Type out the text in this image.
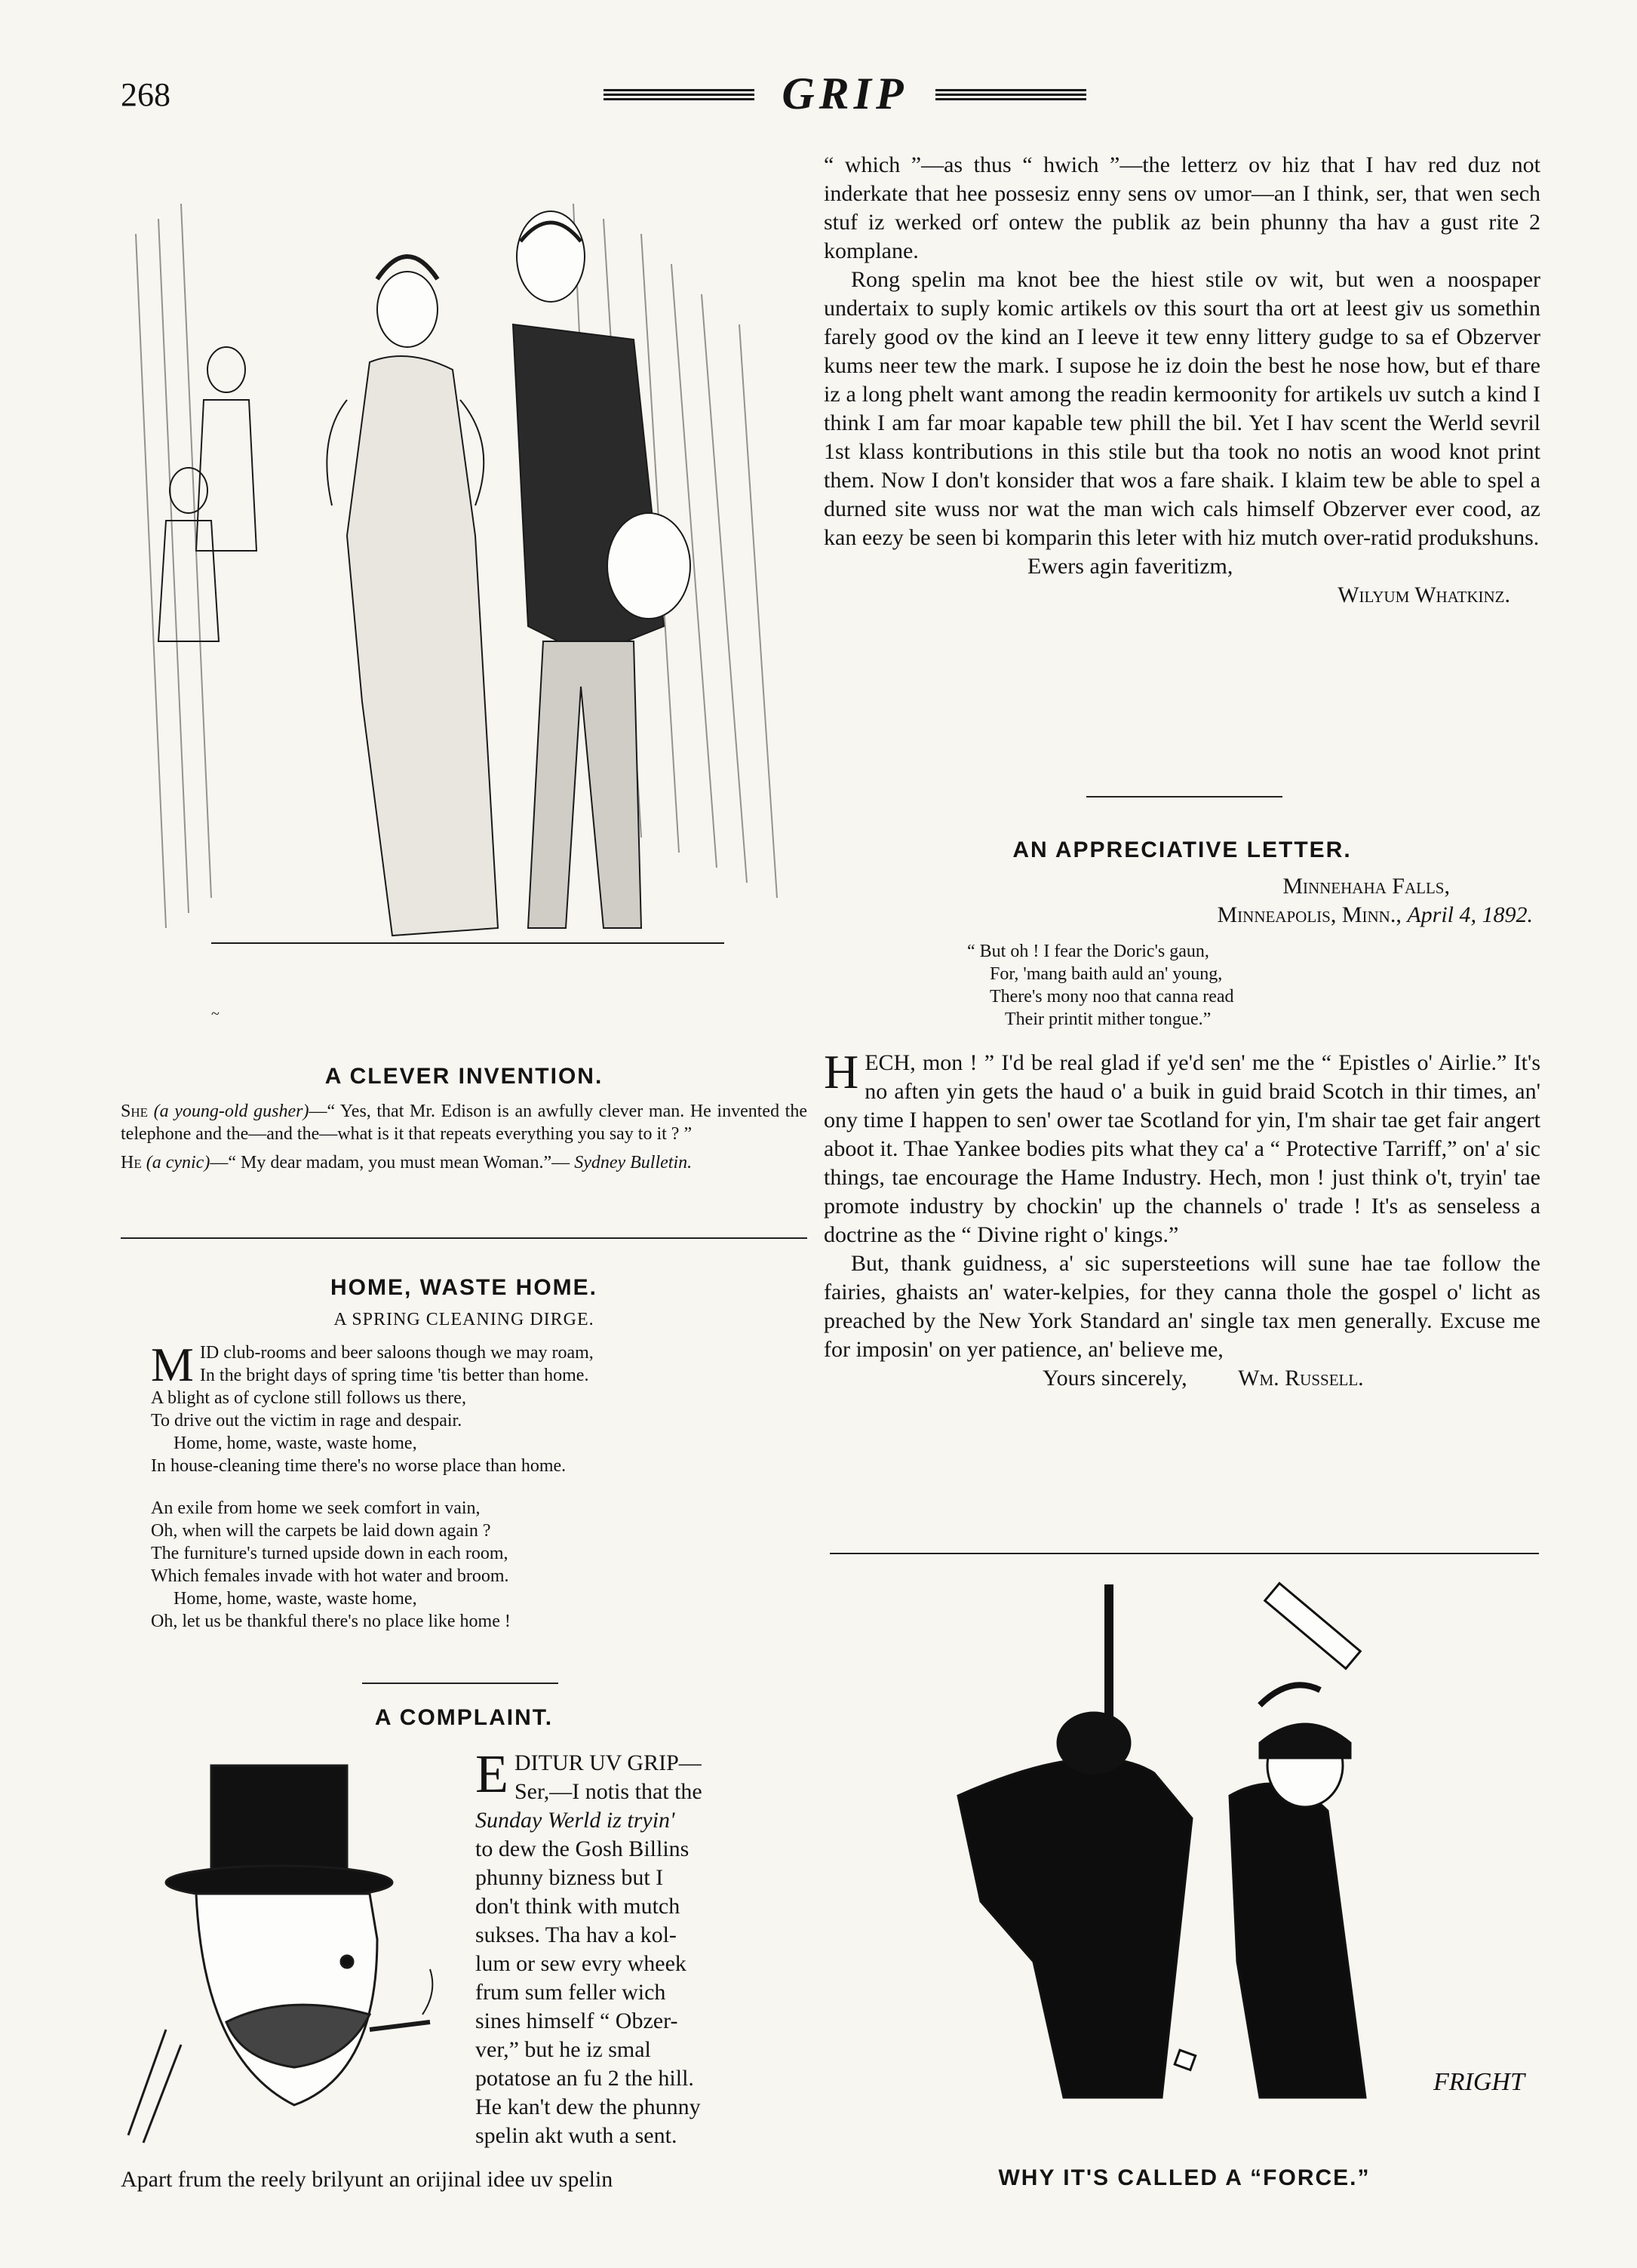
268	GRIP
~
A CLEVER INVENTION.

She (a young-old gusher)—“ Yes, that Mr. Edison is an awfully clever man. He invented the telephone and the—and the—what is it that repeats everything you say to it ? ”

He (a cynic)—“ My dear madam, you must mean Woman.”— Sydney Bulletin.

HOME, WASTE HOME.
A SPRING CLEANING DIRGE.
M ID club-rooms and beer saloons though we may roam,
In the bright days of spring time 'tis better than home.
A blight as of cyclone still follows us there,
To drive out the victim in rage and despair.
Home, home, waste, waste home,
In house-cleaning time there's no worse place than home.
An exile from home we seek comfort in vain,
Oh, when will the carpets be laid down again ?
The furniture's turned upside down in each room,
Which females invade with hot water and broom.
Home, home, waste, waste home,
Oh, let us be thankful there's no place like home !
A COMPLAINT.
E DITUR UV GRIP—
Ser,—I notis that the
Sunday Werld iz tryin'
to dew the Gosh Billins
phunny bizness but I
don't think with mutch
sukses. Tha hav a kol-
lum or sew evry wheek
frum sum feller wich
sines himself “ Obzer-
ver,” but he iz smal
potatose an fu 2 the hill.
He kan't dew the phunny
spelin akt wuth a sent.
Apart frum the reely brilyunt an orijinal idee uv spelin

“ which ”—as thus “ hwich ”—the letterz ov hiz that I hav red duz not inderkate that hee possesiz enny sens ov umor—an I think, ser, that wen sech stuf iz werked orf ontew the publik az bein phunny tha hav a gust rite 2 komplane.

Rong spelin ma knot bee the hiest stile ov wit, but wen a noospaper undertaix to suply komic artikels ov this sourt tha ort at leest giv us somethin farely good ov the kind an I leeve it tew enny littery gudge to sa ef Obzerver kums neer tew the mark. I supose he iz doin the best he nose how, but ef thare iz a long phelt want among the readin kermoonity for artikels uv sutch a kind I think I am far moar kapable tew phill the bil. Yet I hav scent the Werld sevril 1st klass kontributions in this stile but tha took no notis an wood knot print them. Now I don't konsider that wos a fare shaik. I klaim tew be able to spel a durned site wuss nor wat the man wich cals himself Obzerver ever cood, az kan eezy be seen bi komparin this leter with hiz mutch over-ratid produkshuns.

Ewers agin faveritizm,
Wilyum Whatkinz.
AN APPRECIATIVE LETTER.
Minnehaha Falls,
Minneapolis, Minn., April 4, 1892.
“ But oh ! I fear the Doric's gaun,
For, 'mang baith auld an' young,
There's mony noo that canna read
Their printit mither tongue.”

HECH, mon ! ” I'd be real glad if ye'd sen' me the “ Epistles o' Airlie.” It's no aften yin gets the haud o' a buik in guid braid Scotch in thir times, an' ony time I happen to sen' ower tae Scotland for yin, I'm shair tae get fair angert aboot it. Thae Yankee bodies pits what they ca' a “ Protective Tarriff,” on' a' sic things, tae encourage the Hame Industry. Hech, mon ! just think o't, tryin' tae promote industry by chockin' up the channels o' trade ! It's as senseless a doctrine as the “ Divine right o' kings.”

But, thank guidness, a' sic supersteetions will sune hae tae follow the fairies, ghaists an' water-kelpies, for they canna thole the gospel o' licht as preached by the New York Standard an' single tax men generally. Excuse me for imposin' on yer patience, an' believe me,

Yours sincerely, Wm. Russell.
FRIGHT
WHY IT'S CALLED A “FORCE.”
